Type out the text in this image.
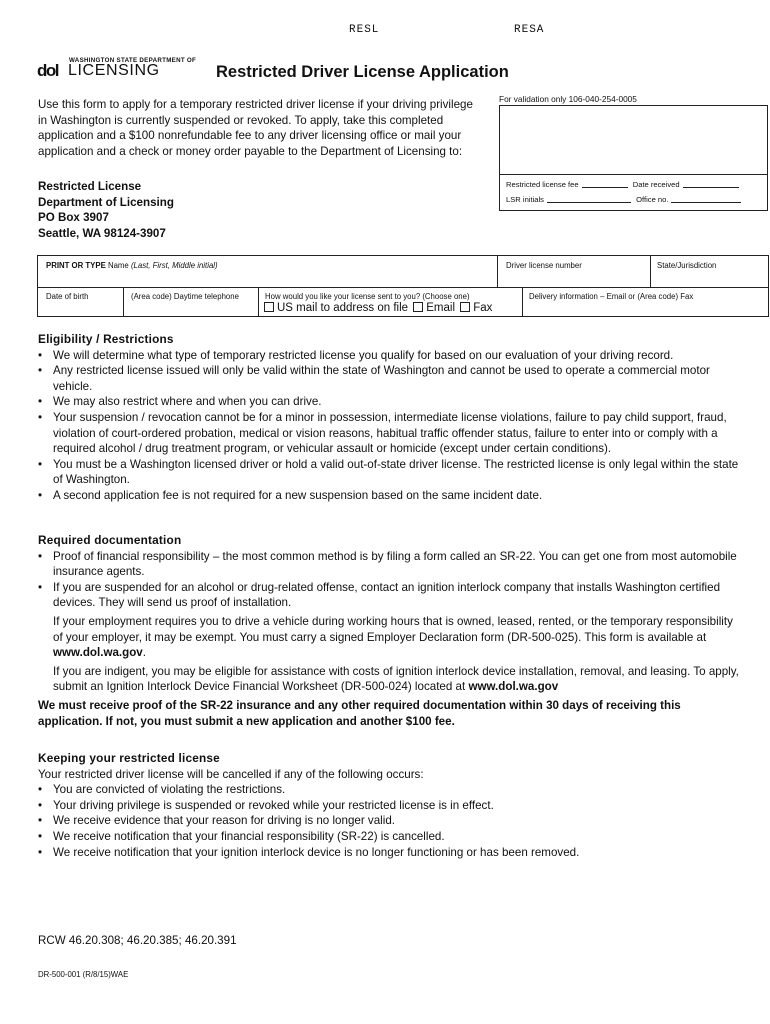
RESL	RESA
dol
WASHINGTON STATE DEPARTMENT OF
LICENSING	Restricted Driver License Application
Use this form to apply for a temporary restricted driver license if your driving privilege in Washington is currently suspended or revoked. To apply, take this completed application and a $100 nonrefundable fee to any driver licensing office or mail your application and a check or money order payable to the Department of Licensing to:
Restricted License
Department of Licensing
PO Box 3907
Seattle, WA 98124-3907
For validation only 106-040-254-0005
Restricted license fee	Date received
LSR initials	Office no.
PRINT OR TYPE Name (Last, First, Middle initial)	Driver license number	State/Jurisdiction
Date of birth	(Area code) Daytime telephone	How would you like your license sent to you? (Choose one)	Delivery information – Email or (Area code) Fax
US mail to address on file Email Fax
Eligibility / Restrictions
• We will determine what type of temporary restricted license you qualify for based on our evaluation of your driving record.
• Any restricted license issued will only be valid within the state of Washington and cannot be used to operate a commercial motor vehicle.
• We may also restrict where and when you can drive.
• Your suspension / revocation cannot be for a minor in possession, intermediate license violations, failure to pay child support, fraud, violation of court-ordered probation, medical or vision reasons, habitual traffic offender status, failure to enter into or comply with a required alcohol / drug treatment program, or vehicular assault or homicide (except under certain conditions).
• You must be a Washington licensed driver or hold a valid out-of-state driver license. The restricted license is only legal within the state of Washington.
• A second application fee is not required for a new suspension based on the same incident date.
Required documentation
• Proof of financial responsibility – the most common method is by filing a form called an SR-22. You can get one from most automobile insurance agents.
• If you are suspended for an alcohol or drug-related offense, contact an ignition interlock company that installs Washington certified devices. They will send us proof of installation.
If your employment requires you to drive a vehicle during working hours that is owned, leased, rented, or the temporary responsibility of your employer, it may be exempt. You must carry a signed Employer Declaration form (DR-500-025). This form is available at www.dol.wa.gov.
If you are indigent, you may be eligible for assistance with costs of ignition interlock device installation, removal, and leasing. To apply, submit an Ignition Interlock Device Financial Worksheet (DR-500-024) located at www.dol.wa.gov
We must receive proof of the SR-22 insurance and any other required documentation within 30 days of receiving this application. If not, you must submit a new application and another $100 fee.
Keeping your restricted license
Your restricted driver license will be cancelled if any of the following occurs:
• You are convicted of violating the restrictions.
• Your driving privilege is suspended or revoked while your restricted license is in effect.
• We receive evidence that your reason for driving is no longer valid.
• We receive notification that your financial responsibility (SR-22) is cancelled.
• We receive notification that your ignition interlock device is no longer functioning or has been removed.
RCW 46.20.308; 46.20.385; 46.20.391
DR-500-001 (R/8/15)WAE
